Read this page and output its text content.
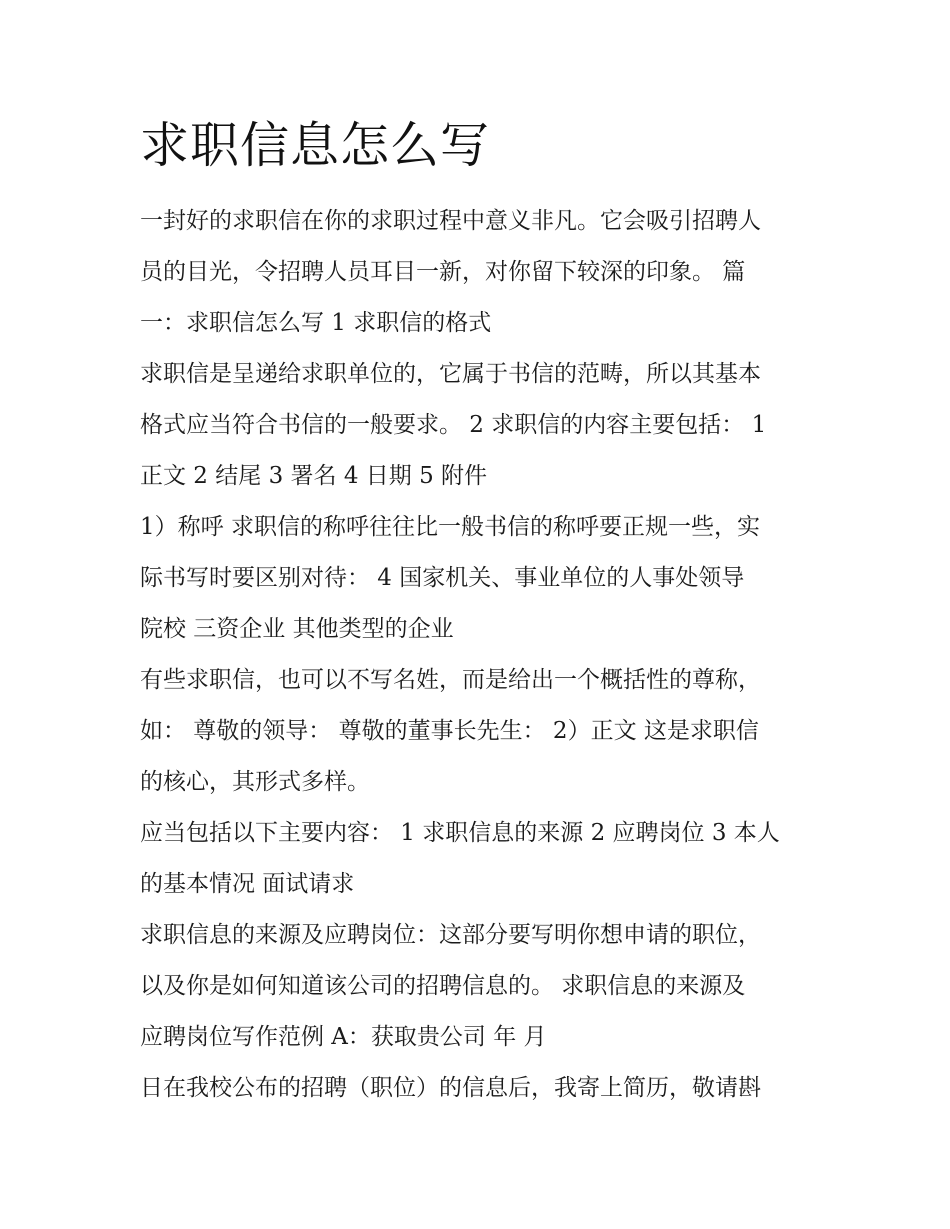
求职信息怎么写

一封好的求职信在你的求职过程中意义非凡。它会吸引招聘人

员的目光，令招聘人员耳目一新，对你留下较深的印象。 篇

一：求职信怎么写 1 求职信的格式

求职信是呈递给求职单位的，它属于书信的范畴，所以其基本

格式应当符合书信的一般要求。 2 求职信的内容主要包括： 1

正文 2 结尾 3 署名 4 日期 5 附件

1）称呼 求职信的称呼往往比一般书信的称呼要正规一些，实

际书写时要区别对待： 4 国家机关、事业单位的人事处领导

院校 三资企业 其他类型的企业

有些求职信，也可以不写名姓，而是给出一个概括性的尊称，

如： 尊敬的领导： 尊敬的董事长先生： 2）正文 这是求职信

的核心，其形式多样。

应当包括以下主要内容： 1 求职信息的来源 2 应聘岗位 3 本人

的基本情况 面试请求

求职信息的来源及应聘岗位：这部分要写明你想申请的职位，

以及你是如何知道该公司的招聘信息的。 求职信息的来源及

应聘岗位写作范例 A：获取贵公司 年 月

日在我校公布的招聘（职位）的信息后，我寄上简历，敬请斟
